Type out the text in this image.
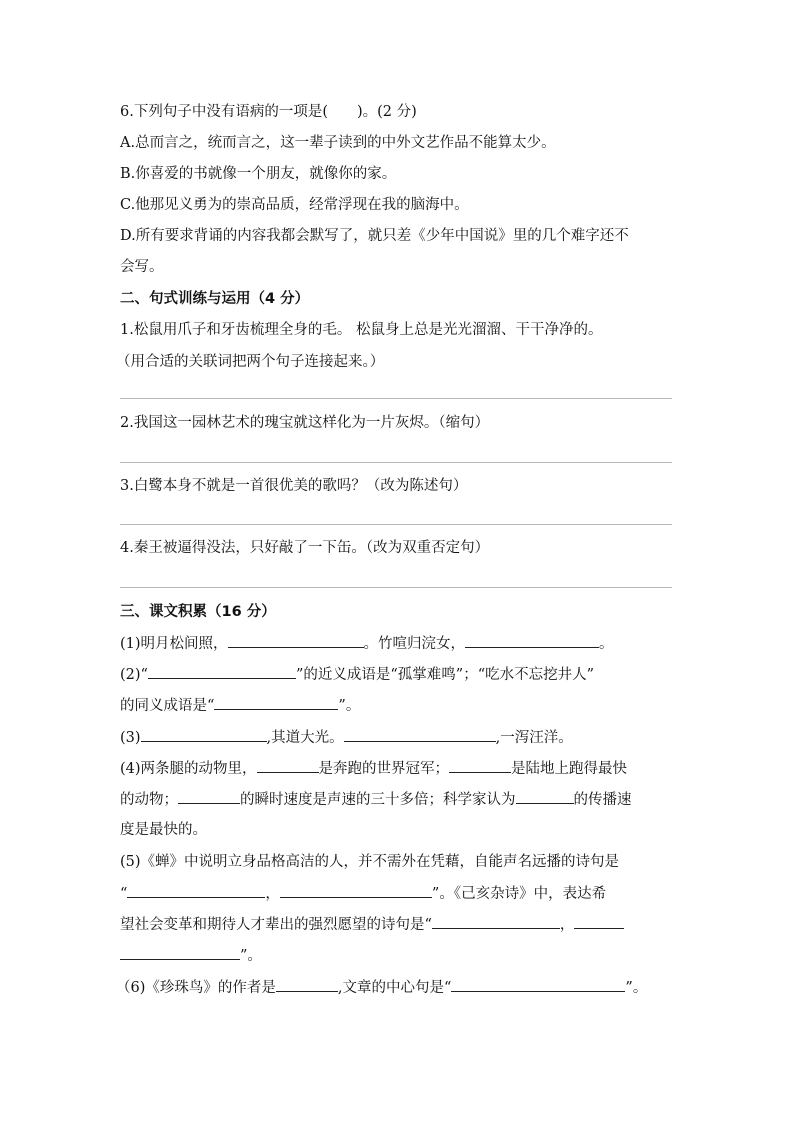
6.下列句子中没有语病的一项是(　　)。(2 分)
A.总而言之，统而言之，这一辈子读到的中外文艺作品不能算太少。
B.你喜爱的书就像一个朋友，就像你的家。
C.他那见义勇为的崇高品质，经常浮现在我的脑海中。
D.所有要求背诵的内容我都会默写了，就只差《少年中国说》里的几个难字还不
会写。
二、句式训练与运用（4 分）
1.松鼠用爪子和牙齿梳理全身的毛。 松鼠身上总是光光溜溜、干干净净的。
（用合适的关联词把两个句子连接起来。）
2.我国这一园林艺术的瑰宝就这样化为一片灰烬。（缩句）
3.白鹭本身不就是一首很优美的歌吗？（改为陈述句）
4.秦王被逼得没法，只好敲了一下缶。（改为双重否定句）
三、课文积累（16 分）
(1)明月松间照，	。竹喧归浣女，	。
(2)“	”的近义成语是“孤掌难鸣”；“吃水不忘挖井人”
的同义成语是“	”。
(3)	,其道大光。	,一泻汪洋。
(4)两条腿的动物里，	是奔跑的世界冠军；	是陆地上跑得最快
的动物；	的瞬时速度是声速的三十多倍；科学家认为	的传播速
度是最快的。
(5)《蝉》中说明立身品格高洁的人，并不需外在凭藉，自能声名远播的诗句是
“	，	”。《己亥杂诗》中，表达希
望社会变革和期待人才辈出的强烈愿望的诗句是“	，
”。
（6)《珍珠鸟》的作者是	,文章的中心句是“	”。
